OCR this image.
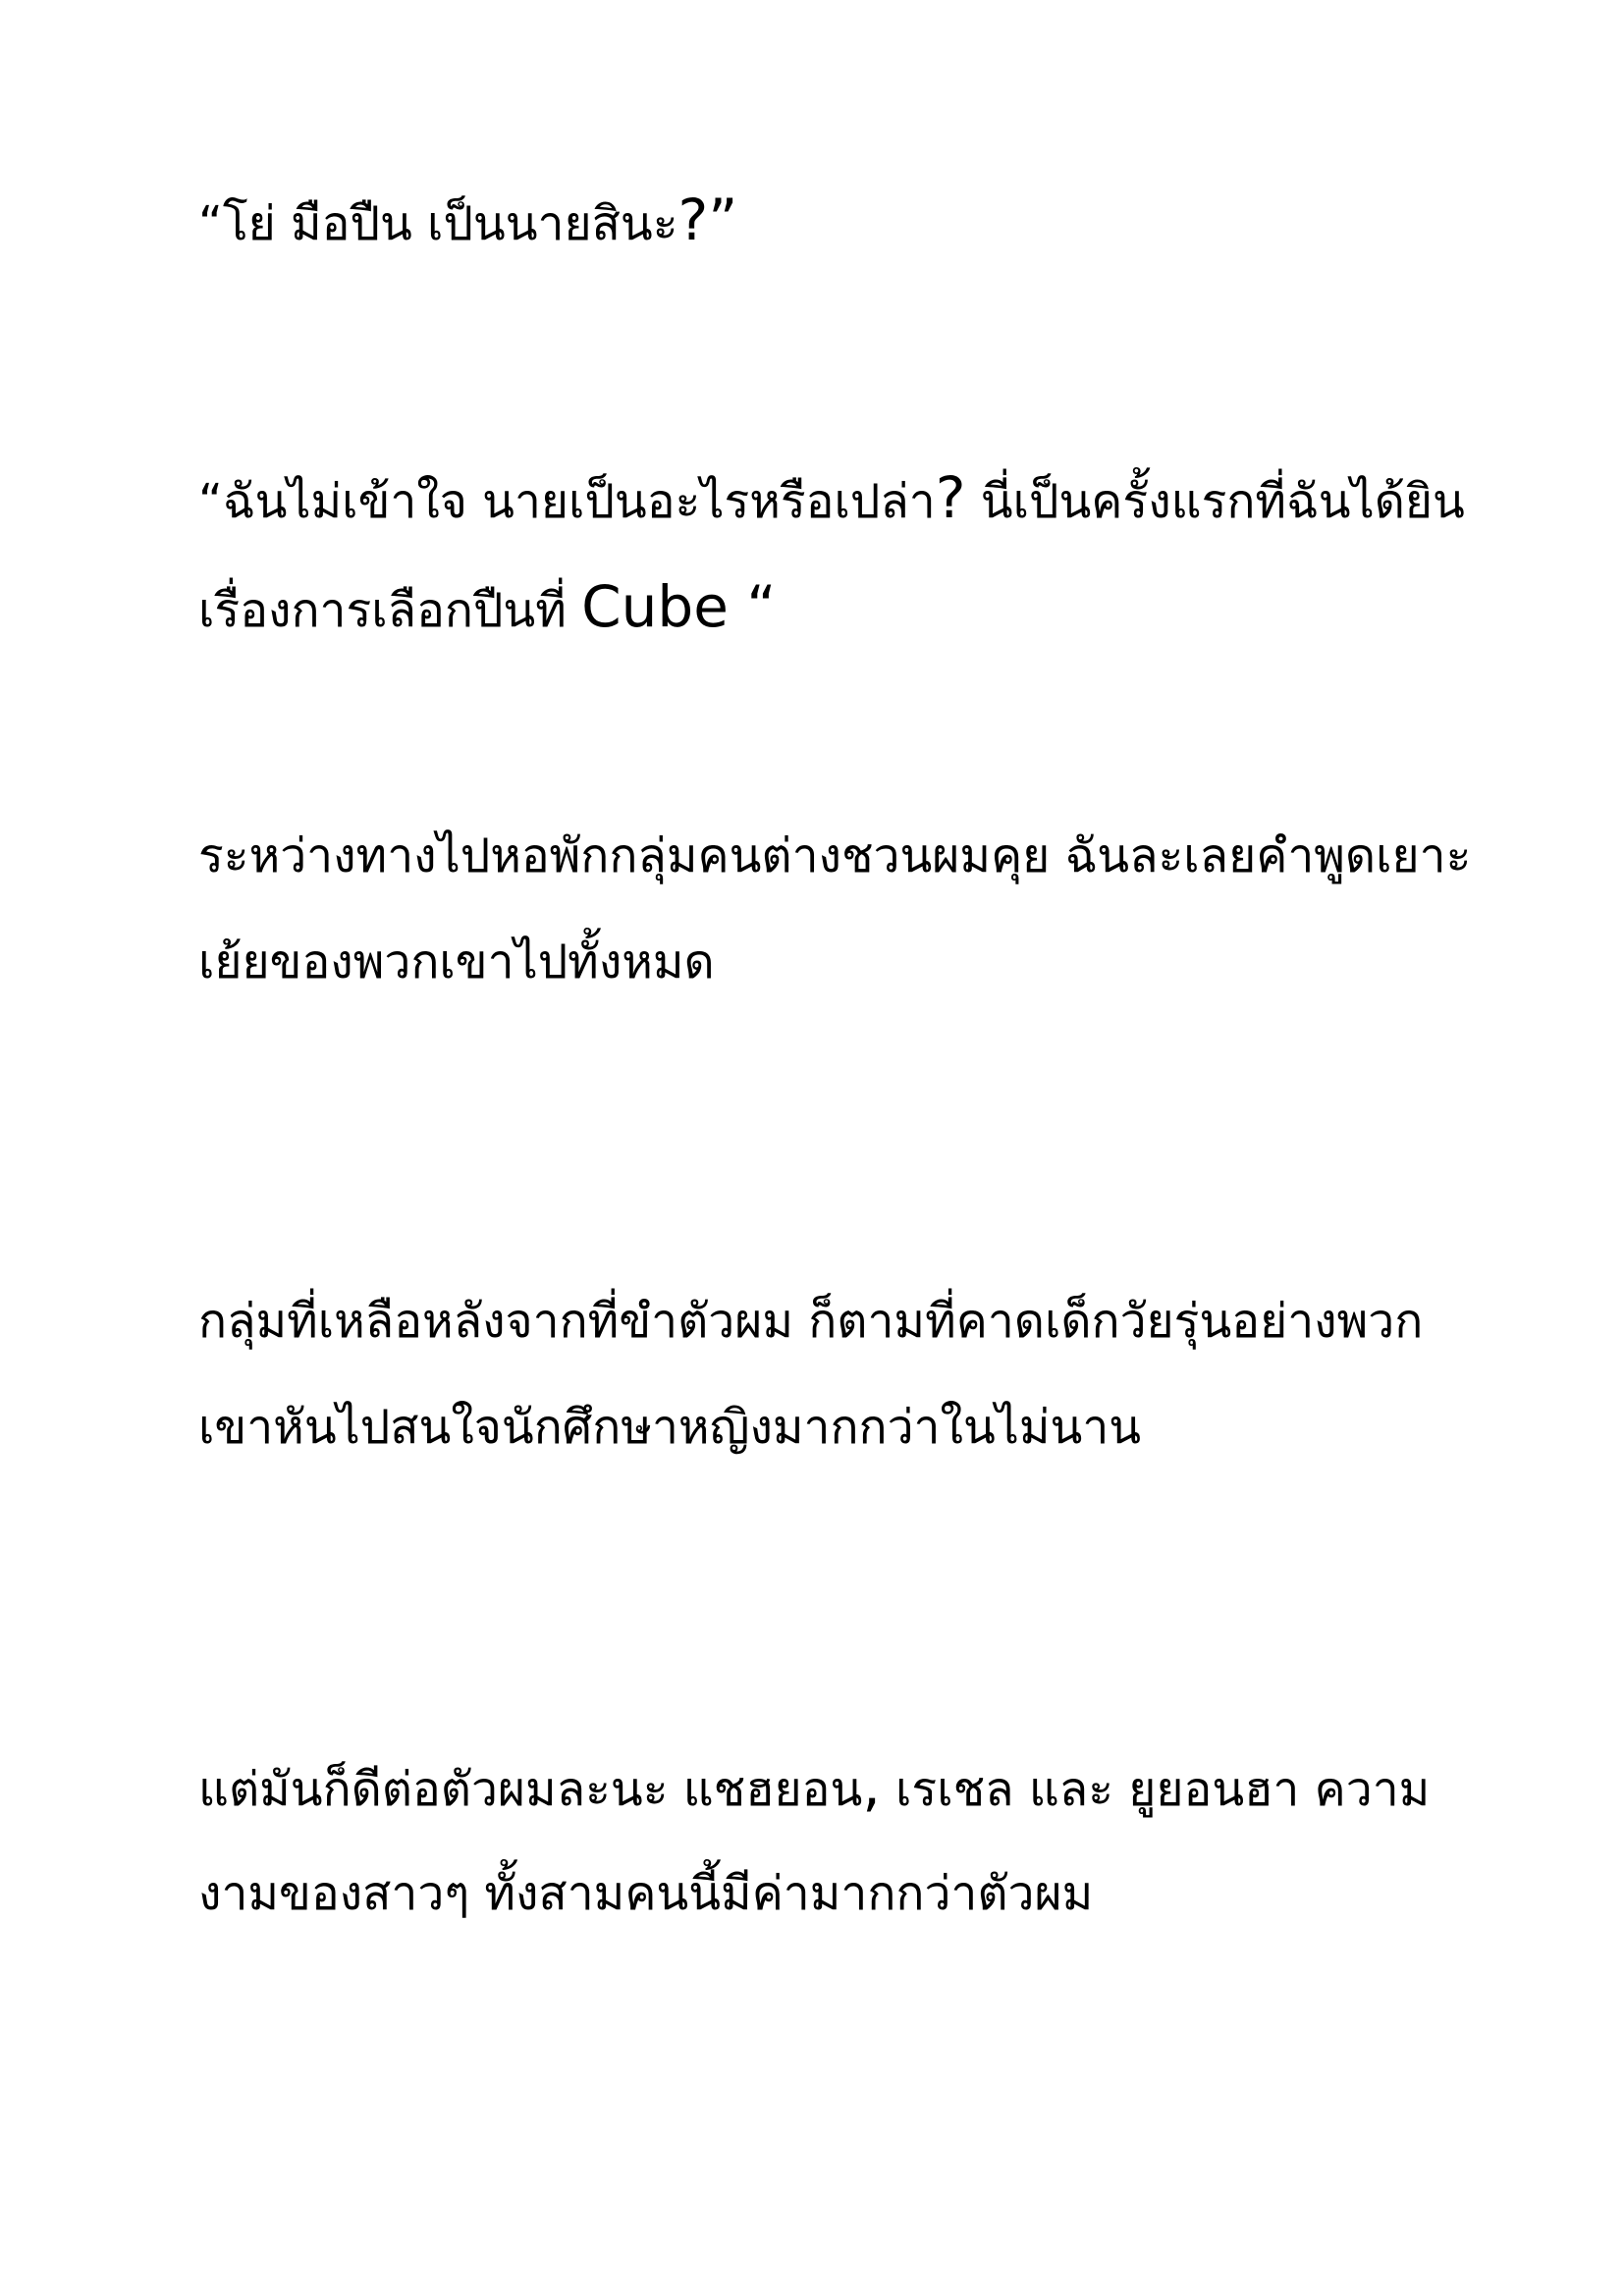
“โย่ มือปืน เป็นนายสินะ?”
“ฉันไม่เข้าใจ นายเป็นอะไรหรือเปล่า? นี่เป็นครั้งแรกที่ฉันได้ยิน
เรื่องการเลือกปืนที่ Cube “
ระหว่างทางไปหอพักกลุ่มคนต่างชวนผมคุย ฉันละเลยคำพูดเยาะ
เย้ยของพวกเขาไปทั้งหมด
กลุ่มที่เหลือหลังจากที่ขำตัวผม ก็ตามที่คาดเด็กวัยรุ่นอย่างพวก
เขาหันไปสนใจนักศึกษาหญิงมากกว่าในไม่นาน
แต่มันก็ดีต่อตัวผมละนะ แชฮยอน, เรเชล และ ยูยอนฮา ความ
งามของสาวๆ ทั้งสามคนนี้มีค่ามากกว่าตัวผม
